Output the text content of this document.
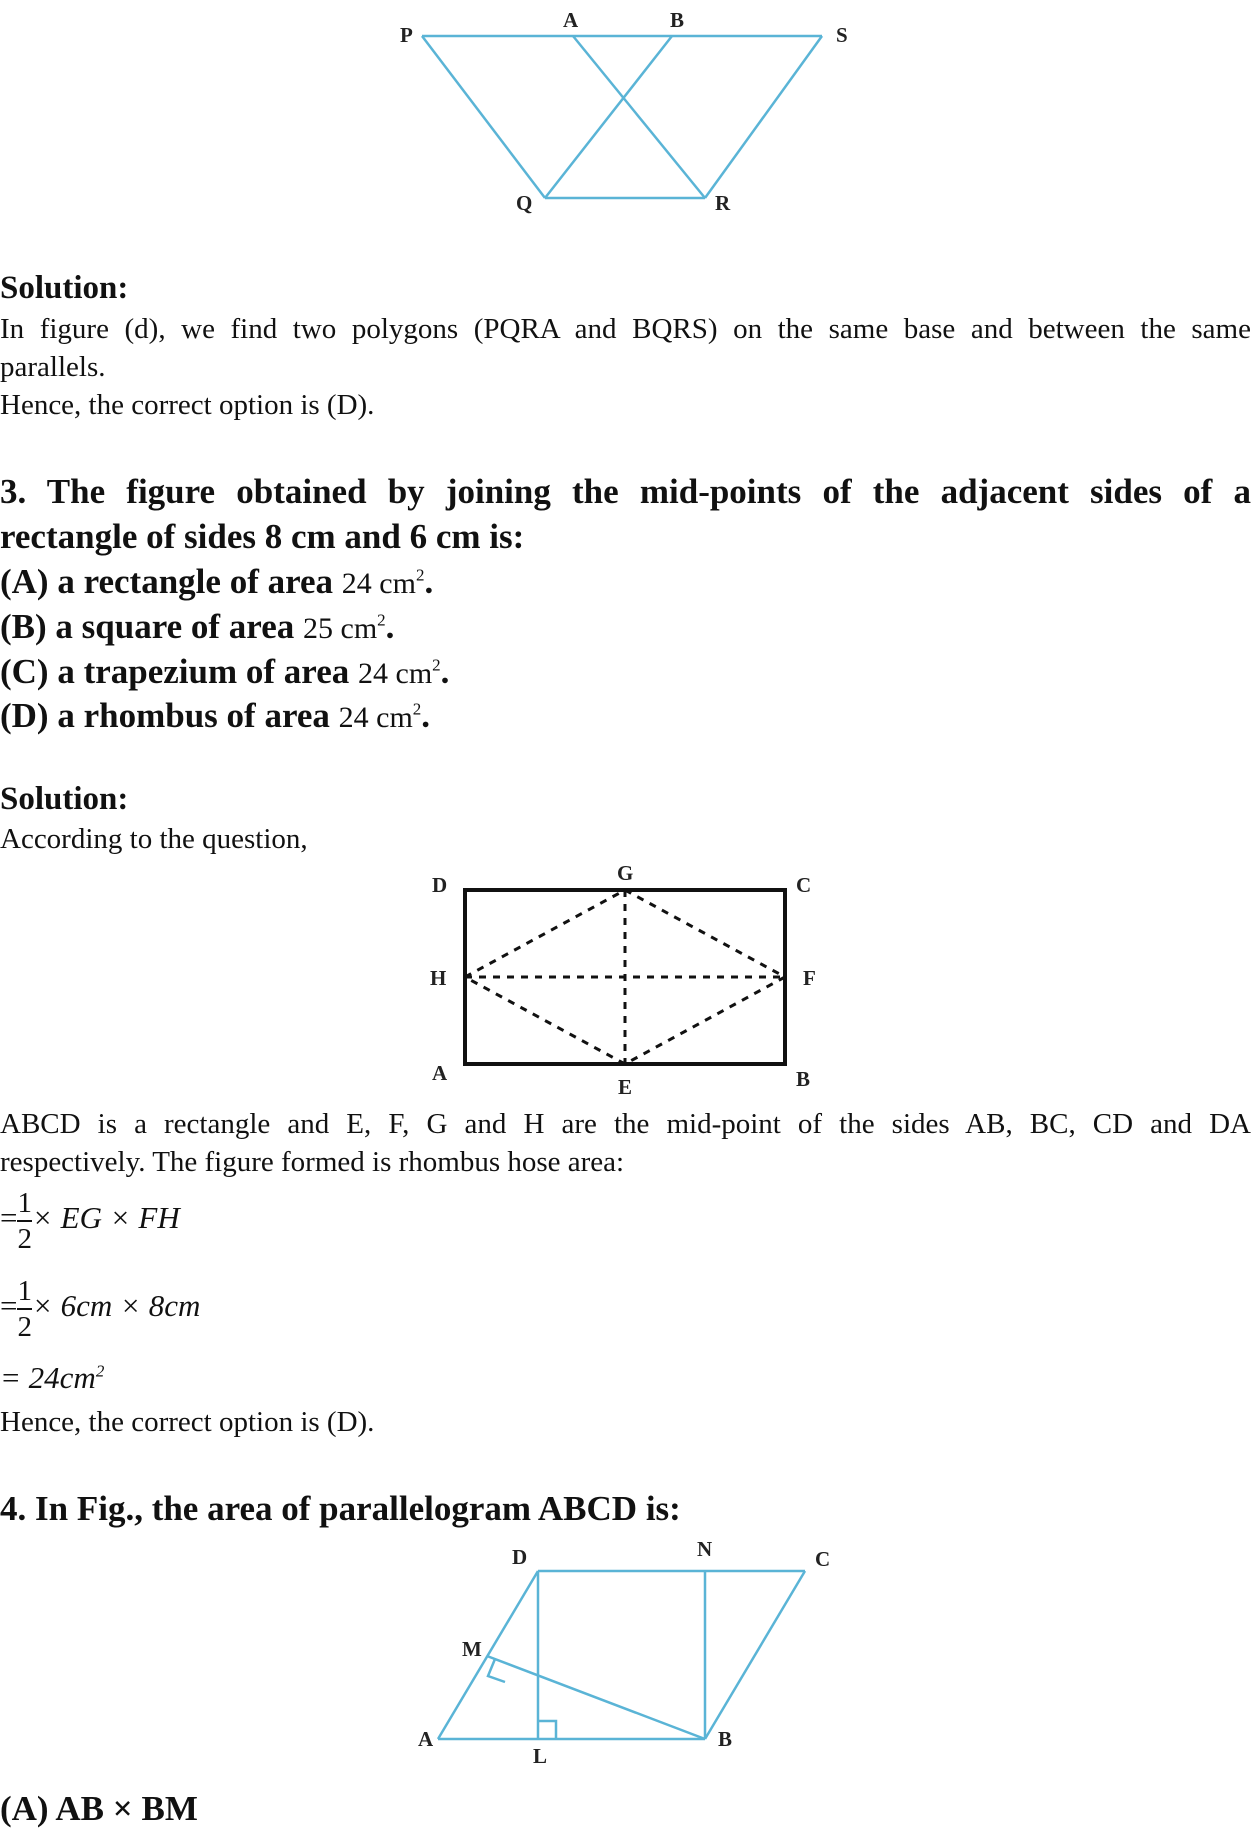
P
A	B
S
Q	R
Solution:
In figure (d), we find two polygons (PQRA and BQRS) on the same base and between the same
parallels.
Hence, the correct option is (D).
3. The figure obtained by joining the mid-points of the adjacent sides of a
rectangle of sides 8 cm and 6 cm is:
(A) a rectangle of area 24 $cm^2$.
(B) a square of area 25 $cm^2$.
(C) a trapezium of area 24 $cm^2$.
(D) a rhombus of area 24 $cm^2$.
Solution:
According to the question,
D	G	C
H	F
A
E	B
ABCD is a rectangle and E, F, G and H are the mid-point of the sides AB, BC, CD and DA
respectively. The figure formed is rhombus hose area:
= $\frac{1}{2}$ × EG × FH
= $\frac{1}{2} \times 6cm \times 8cm$
= $24cm^2$
Hence, the correct option is (D).
4. In Fig., the area of parallelogram ABCD is:
D	N	C
M
A
L
B
(A) AB × BM
